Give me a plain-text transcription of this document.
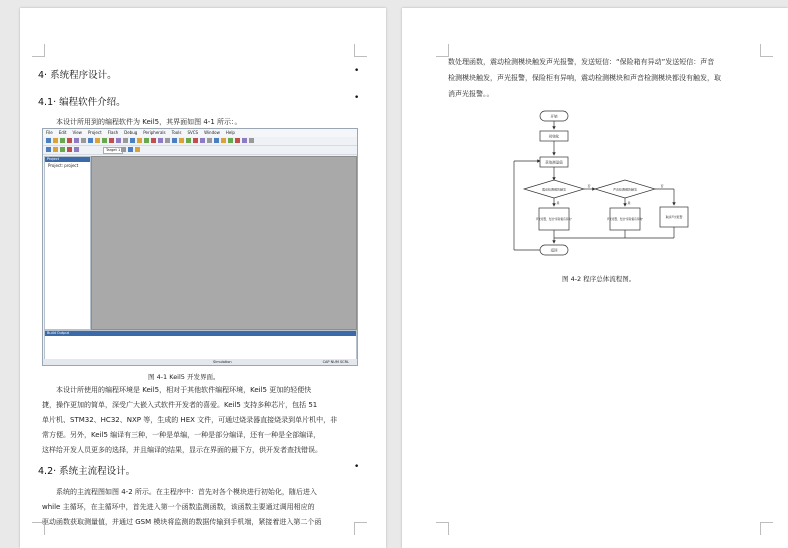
4· 系统程序设计。	•
4.1· 编程软件介绍。	•
本设计所用到的编程软件为 Keil5，其界面如图 4-1 所示：。
File Edit View Project Flash Debug Peripherals Tools SVCS Window Help
Target 1
Project
Project: project
Build Output
Simulation	CAP NUM SCRL
图 4-1 Keil5 开发界面。
本设计所使用的编程环境是 Keil5，相对于其他软件编程环境，Keil5 更加的轻便快
捷，操作更加的简单，深受广大嵌入式软件开发者的喜爱。Keil5 支持多种芯片，包括 51
单片机、STM32、HC32、NXP 等，生成的 HEX 文件，可通过烧录器直接烧录到单片机中，非
常方便。另外，Keil5 编译有三种，一种是单编，一种是部分编译，还有一种是全部编译，
这样给开发人员更多的选择，并且编译的结果，显示在界面的最下方，供开发者查找错误。
4.2· 系统主流程设计。	•
系统的主流程图如图 4-2 所示。在主程序中：首先对各个模块进行初始化，随后进入
while 主循环，在主循环中，首先进入第一个函数监测函数，该函数主要通过调用相应的
驱动函数获取测量值，并通过 GSM 模块将监测的数据传输到手机端，紧接着进入第二个函
数处理函数，震动检测模块触发声光报警，发送短信：“保险箱有异动”发送短信：声音
检测模块触发，声光报警，保险柜有异响，震动检测模块和声音检测模块都没有触发，取
消声光报警。。
开始
初始化
获取测量值
震动检测模块触发	声音检测模块触发
声光报警，发送“保险箱有异动”	声光报警，发送“保险箱有异响”
取消声光报警
返回
是	是
否	否
图 4-2 程序总体流程图。
